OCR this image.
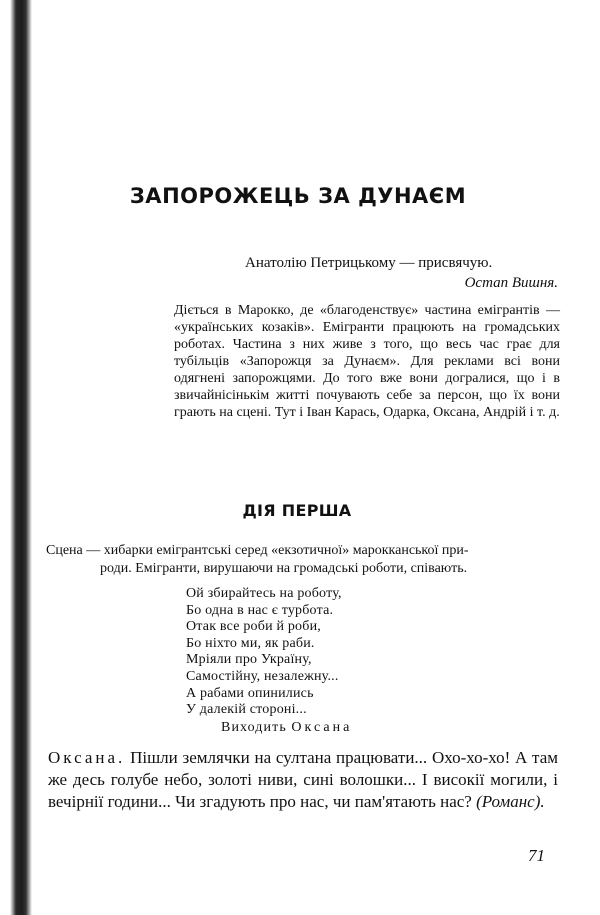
ЗАПОРОЖЕЦЬ ЗА ДУНАЄМ
Анатолію Петрицькому — присвячую.
Остап Вишня.
Діється в Марокко, де «благоденствує» частина емігрантів — «українських козаків». Емігранти працюють на громадських роботах. Частина з них живе з того, що весь час грає для тубільців «Запорожця за Дунаєм». Для реклами всі вони одягнені запорожцями. До того вже вони догралися, що і в звичайнісінькім житті почувають себе за персон, що їх вони грають на сцені. Тут і Іван Карась, Одарка, Оксана, Андрій і т. д.
ДІЯ ПЕРША
Сцена — хибарки емігрантські серед «екзотичної» марокканської при-
роди. Емігранти, вирушаючи на громадські роботи, співають.
Ой збирайтесь на роботу,
Бо одна в нас є турбота.
Отак все роби й роби,
Бо ніхто ми, як раби.
Мріяли про Україну,
Самостійну, незалежну...
А рабами опинились
У далекій стороні...
Виходить Оксана
Оксана. Пішли землячки на султана працювати... Охо-хо-хо! А там же десь голубе небо, золоті ниви, сині волошки... І високії могили, і вечірнії години... Чи згадують про нас, чи пам'ятають нас? (Романс).
71
